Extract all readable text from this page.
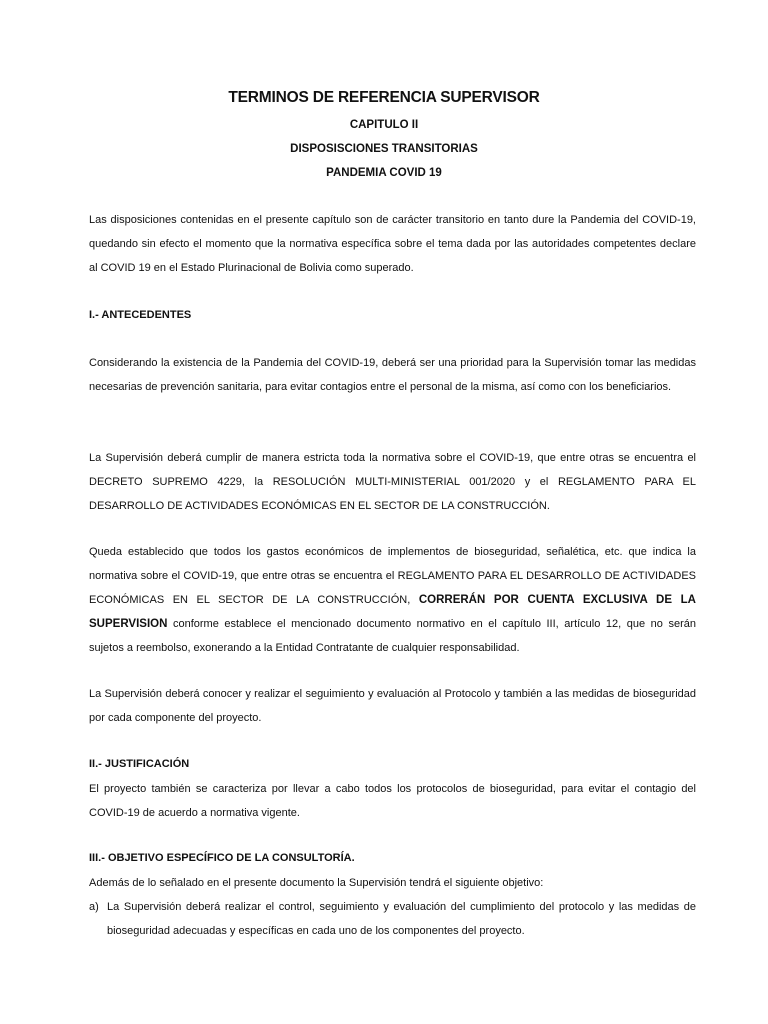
TERMINOS DE REFERENCIA SUPERVISOR
CAPITULO II
DISPOSISCIONES TRANSITORIAS
PANDEMIA COVID 19

Las disposiciones contenidas en el presente capítulo son de carácter transitorio en tanto dure la Pandemia del COVID-19, quedando sin efecto el momento que la normativa específica sobre el tema dada por las autoridades competentes declare al COVID 19 en el Estado Plurinacional de Bolivia como superado.

I.- ANTECEDENTES

Considerando la existencia de la Pandemia del COVID-19, deberá ser una prioridad para la Supervisión tomar las medidas necesarias de prevención sanitaria, para evitar contagios entre el personal de la misma, así como con los beneficiarios.

La Supervisión deberá cumplir de manera estricta toda la normativa sobre el COVID-19, que entre otras se encuentra el DECRETO SUPREMO 4229, la RESOLUCIÓN MULTI-MINISTERIAL 001/2020 y el REGLAMENTO PARA EL DESARROLLO DE ACTIVIDADES ECONÓMICAS EN EL SECTOR DE LA CONSTRUCCIÓN.

Queda establecido que todos los gastos económicos de implementos de bioseguridad, señalética, etc. que indica la normativa sobre el COVID-19, que entre otras se encuentra el REGLAMENTO PARA EL DESARROLLO DE ACTIVIDADES ECONÓMICAS EN EL SECTOR DE LA CONSTRUCCIÓN, CORRERÁN POR CUENTA EXCLUSIVA DE LA SUPERVISION conforme establece el mencionado documento normativo en el capítulo III, artículo 12, que no serán sujetos a reembolso, exonerando a la Entidad Contratante de cualquier responsabilidad.

La Supervisión deberá conocer y realizar el seguimiento y evaluación al Protocolo y también a las medidas de bioseguridad por cada componente del proyecto.

II.- JUSTIFICACIÓN

El proyecto también se caracteriza por llevar a cabo todos los protocolos de bioseguridad, para evitar el contagio del COVID-19 de acuerdo a normativa vigente.

III.- OBJETIVO ESPECÍFICO DE LA CONSULTORÍA.

Además de lo señalado en el presente documento la Supervisión tendrá el siguiente objetivo:

a) La Supervisión deberá realizar el control, seguimiento y evaluación del cumplimiento del protocolo y las medidas de bioseguridad adecuadas y específicas en cada uno de los componentes del proyecto.
